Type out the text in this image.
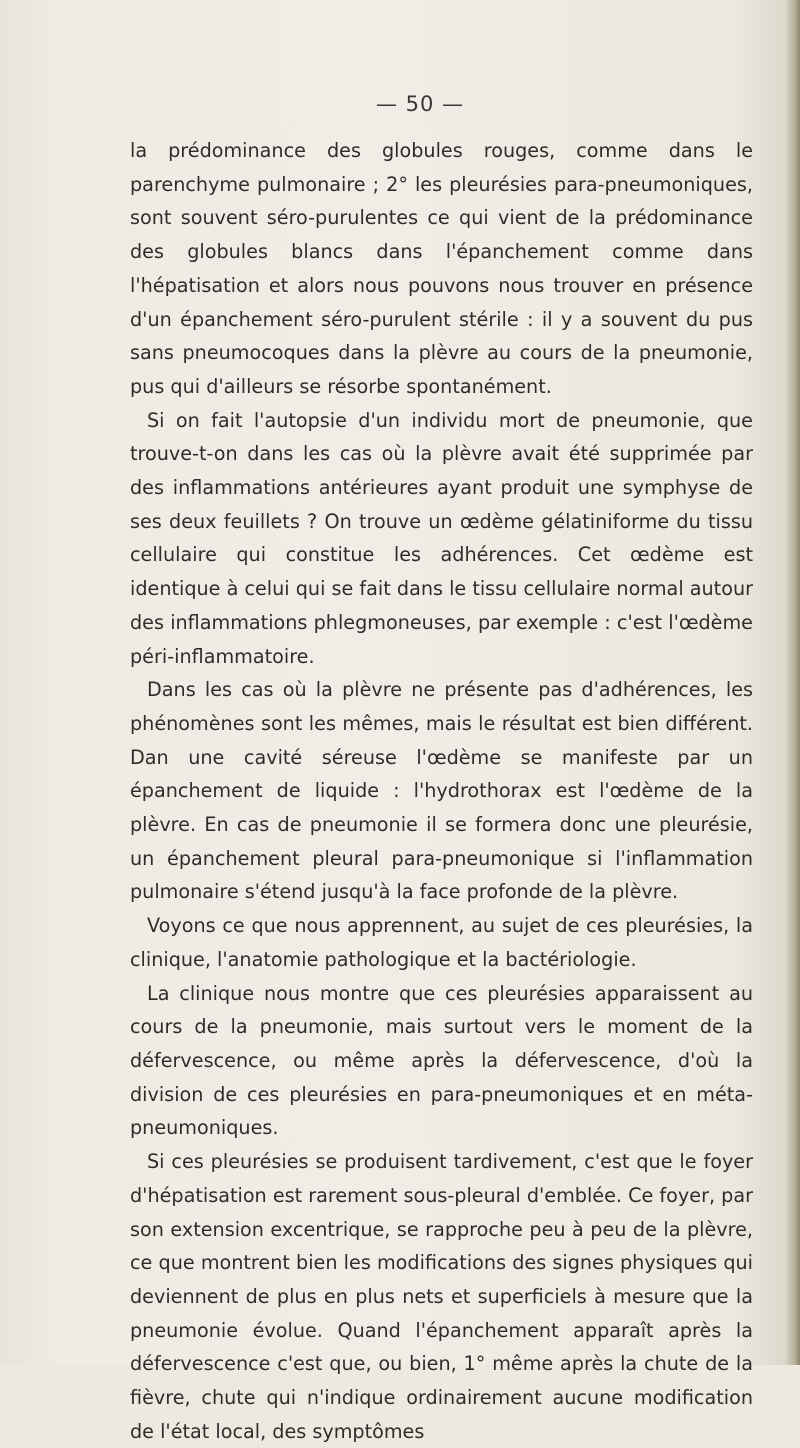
— 50 —

la prédominance des globules rouges, comme dans le parenchyme pulmonaire ; 2° les pleurésies para-pneumoniques, sont souvent séro-purulentes ce qui vient de la prédominance des globules blancs dans l'épanchement comme dans l'hépatisation et alors nous pouvons nous trouver en présence d'un épanchement séro-purulent stérile : il y a souvent du pus sans pneumocoques dans la plèvre au cours de la pneumonie, pus qui d'ailleurs se résorbe spontanément.

Si on fait l'autopsie d'un individu mort de pneumonie, que trouve-t-on dans les cas où la plèvre avait été supprimée par des inflammations antérieures ayant produit une symphyse de ses deux feuillets ? On trouve un œdème gélatiniforme du tissu cellulaire qui constitue les adhérences. Cet œdème est identique à celui qui se fait dans le tissu cellulaire normal autour des inflammations phlegmoneuses, par exemple : c'est l'œdème péri-inflammatoire.

Dans les cas où la plèvre ne présente pas d'adhérences, les phénomènes sont les mêmes, mais le résultat est bien différent. Dan une cavité séreuse l'œdème se manifeste par un épanchement de liquide : l'hydrothorax est l'œdème de la plèvre. En cas de pneumonie il se formera donc une pleurésie, un épanchement pleural para-pneumonique si l'inflammation pulmonaire s'étend jusqu'à la face profonde de la plèvre.

Voyons ce que nous apprennent, au sujet de ces pleurésies, la clinique, l'anatomie pathologique et la bactériologie.

La clinique nous montre que ces pleurésies apparaissent au cours de la pneumonie, mais surtout vers le moment de la défervescence, ou même après la défervescence, d'où la division de ces pleurésies en para-pneumoniques et en méta-pneumoniques.

Si ces pleurésies se produisent tardivement, c'est que le foyer d'hépatisation est rarement sous-pleural d'emblée. Ce foyer, par son extension excentrique, se rapproche peu à peu de la plèvre, ce que montrent bien les modifications des signes physiques qui deviennent de plus en plus nets et superficiels à mesure que la pneumonie évolue. Quand l'épanchement apparaît après la défervescence c'est que, ou bien, 1° même après la chute de la fièvre, chute qui n'indique ordinairement aucune modification de l'état local, des symptômes
